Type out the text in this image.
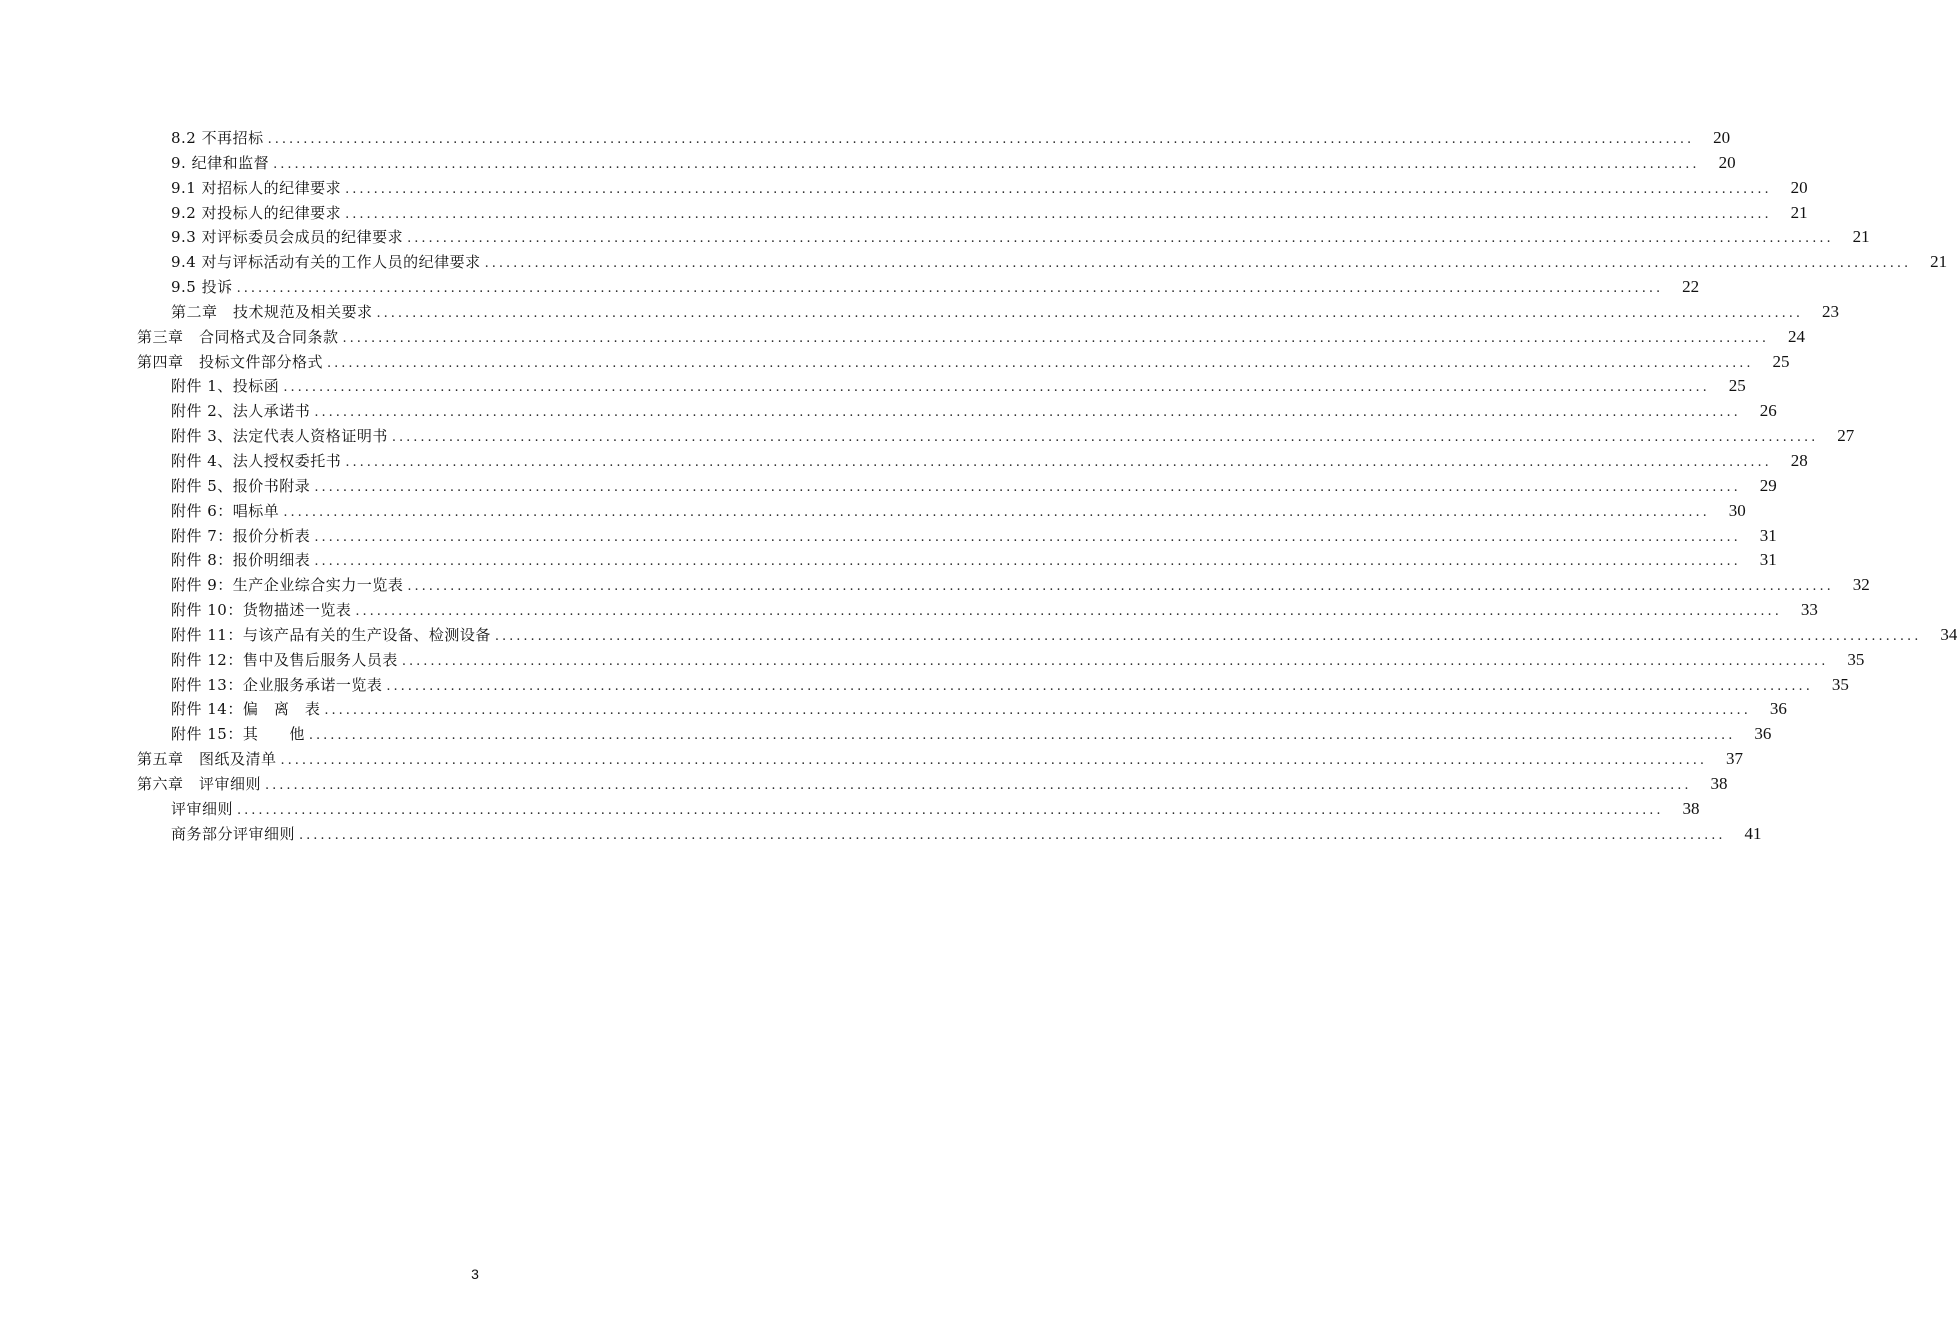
8.2 不再招标 ........................................................................................................................................................................................................	20
9. 纪律和监督 ........................................................................................................................................................................................................	20
9.1 对招标人的纪律要求 ........................................................................................................................................................................................................	20
9.2 对投标人的纪律要求 ........................................................................................................................................................................................................	21
9.3 对评标委员会成员的纪律要求 ........................................................................................................................................................................................................	21
9.4 对与评标活动有关的工作人员的纪律要求 ........................................................................................................................................................................................................	21
9.5 投诉 ........................................................................................................................................................................................................	22
第二章　技术规范及相关要求 ........................................................................................................................................................................................................	23
第三章　合同格式及合同条款 ........................................................................................................................................................................................................	24
第四章　投标文件部分格式 ........................................................................................................................................................................................................	25
附件 1、投标函 ........................................................................................................................................................................................................	25
附件 2、法人承诺书 ........................................................................................................................................................................................................	26
附件 3、法定代表人资格证明书 ........................................................................................................................................................................................................	27
附件 4、法人授权委托书 ........................................................................................................................................................................................................	28
附件 5、报价书附录 ........................................................................................................................................................................................................	29
附件 6：唱标单 ........................................................................................................................................................................................................	30
附件 7：报价分析表 ........................................................................................................................................................................................................	31
附件 8：报价明细表 ........................................................................................................................................................................................................	31
附件 9：生产企业综合实力一览表 ........................................................................................................................................................................................................	32
附件 10：货物描述一览表 ........................................................................................................................................................................................................	33
附件 11：与该产品有关的生产设备、检测设备 ........................................................................................................................................................................................................	34
附件 12：售中及售后服务人员表 ........................................................................................................................................................................................................	35
附件 13：企业服务承诺一览表 ........................................................................................................................................................................................................	35
附件 14：偏　离　表 ........................................................................................................................................................................................................	36
附件 15：其　　他 ........................................................................................................................................................................................................	36
第五章　图纸及清单 ........................................................................................................................................................................................................	37
第六章　评审细则 ........................................................................................................................................................................................................	38
评审细则 ........................................................................................................................................................................................................	38
商务部分评审细则 ........................................................................................................................................................................................................	41
3
